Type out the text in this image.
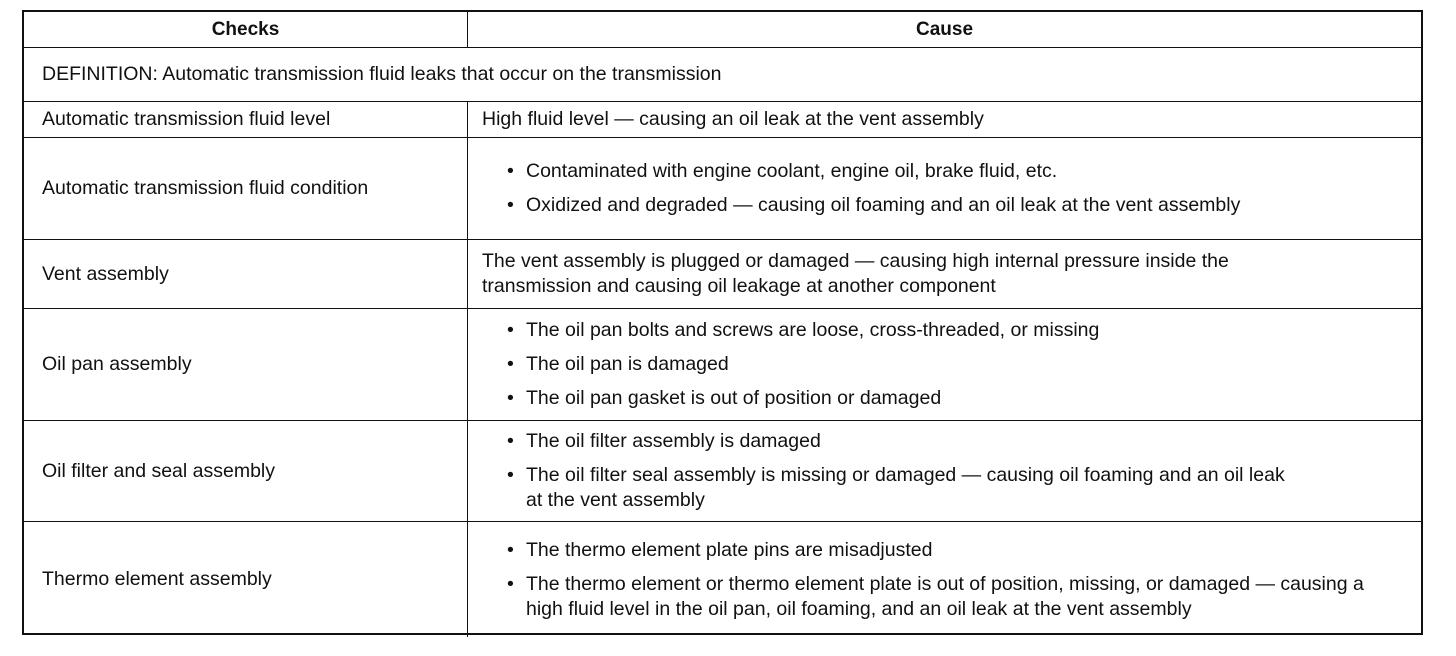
Checks	Cause
DEFINITION: Automatic transmission fluid leaks that occur on the transmission
Automatic transmission fluid level	High fluid level — causing an oil leak at the vent assembly
Automatic transmission fluid condition
• Contaminated with engine coolant, engine oil, brake fluid, etc.
• Oxidized and degraded — causing oil foaming and an oil leak at the vent assembly
Vent assembly
The vent assembly is plugged or damaged — causing high internal pressure inside the transmission and causing oil leakage at another component
Oil pan assembly
• The oil pan bolts and screws are loose, cross-threaded, or missing
• The oil pan is damaged
• The oil pan gasket is out of position or damaged
Oil filter and seal assembly
• The oil filter assembly is damaged
• The oil filter seal assembly is missing or damaged — causing oil foaming and an oil leak at the vent assembly
Thermo element assembly
• The thermo element plate pins are misadjusted
• The thermo element or thermo element plate is out of position, missing, or damaged — causing a high fluid level in the oil pan, oil foaming, and an oil leak at the vent assembly
